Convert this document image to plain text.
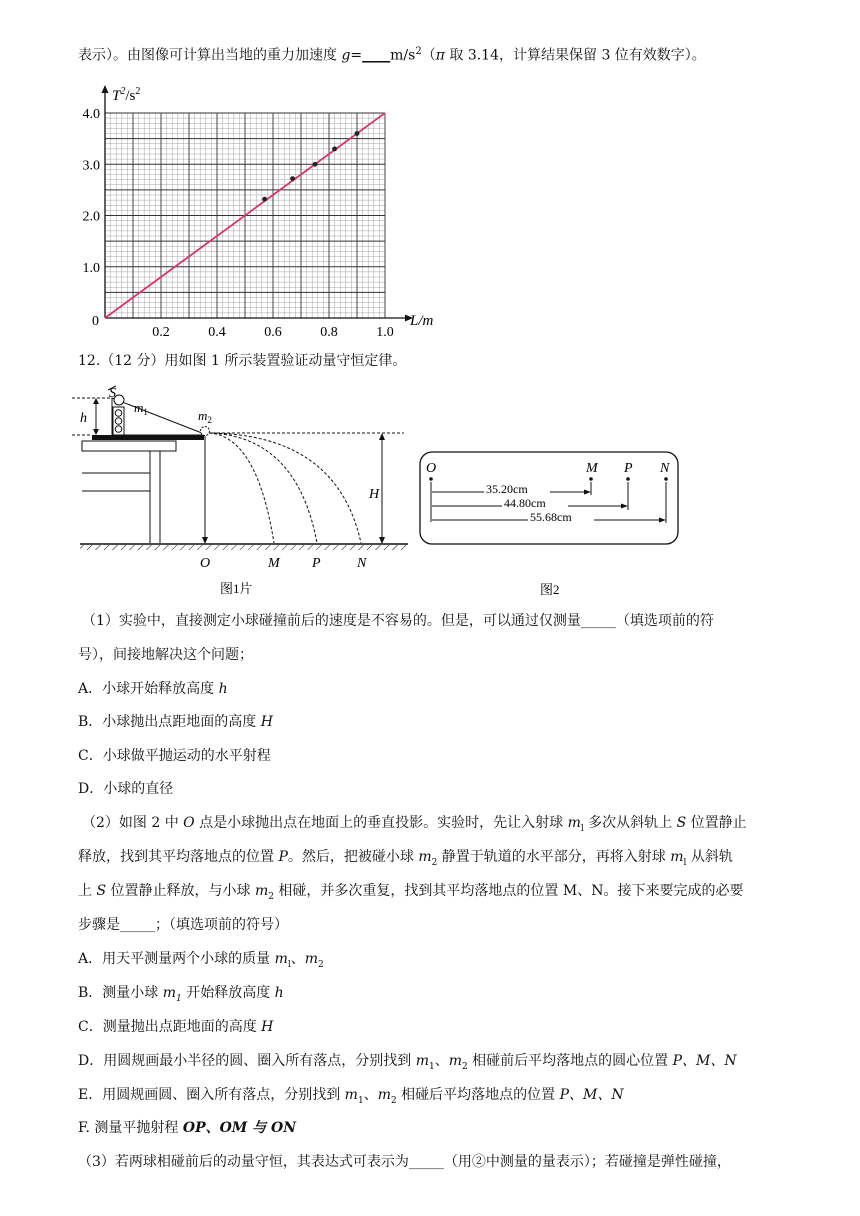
表示）。由图像可计算出当地的重力加速度 $g=\_\_\_\_m/s^2(\pi$ 取 3.14，计算结果保留 3 位有效数字）。
$T^2/s^2$
L/m
0
4.0
3.0
2.0
1.0
0.2	0.4	0.6	0.8	1.0
12.（12 分）用如图 1 所示装置验证动量守恒定律。
h
S
$m_1$	$m_2$
H
O	M P	N
图1片
O	M P N
35.20cm
44.80cm
55.68cm
图2
（1）实验中，直接测定小球碰撞前后的速度是不容易的。但是，可以通过仅测量_____（填选项前的符
号），间接地解决这个问题；
A．小球开始释放高度 h
B．小球抛出点距地面的高度 H
C．小球做平抛运动的水平射程
D．小球的直径
（2）如图 2 中 O 点是小球抛出点在地面上的垂直投影。实验时，先让入射球 $m_l$ 多次从斜轨上 S 位置静止
释放，找到其平均落地点的位置 P。然后，把被碰小球 $m_2$ 静置于轨道的水平部分，再将入射球 $m_l$ 从斜轨
上 S 位置静止释放，与小球 $m_2$ 相碰，并多次重复，找到其平均落地点的位置 M、N。接下来要完成的必要
步骤是_____；（填选项前的符号）
A．用天平测量两个小球的质量 $m_l$、$m_2$
B．测量小球 $m_1$ 开始释放高度 h
C．测量抛出点距地面的高度 H
D．用圆规画最小半径的圆、圈入所有落点，分别找到 $m_1$、$m_2$ 相碰前后平均落地点的圆心位置 P、M、N
E．用圆规画圆、圈入所有落点，分别找到 $m_1$、$m_2$ 相碰后平均落地点的位置 P、M、N
F. 测量平抛射程 OP、OM 与 ON
（3）若两球相碰前后的动量守恒，其表达式可表示为_____（用②中测量的量表示）；若碰撞是弹性碰撞，
